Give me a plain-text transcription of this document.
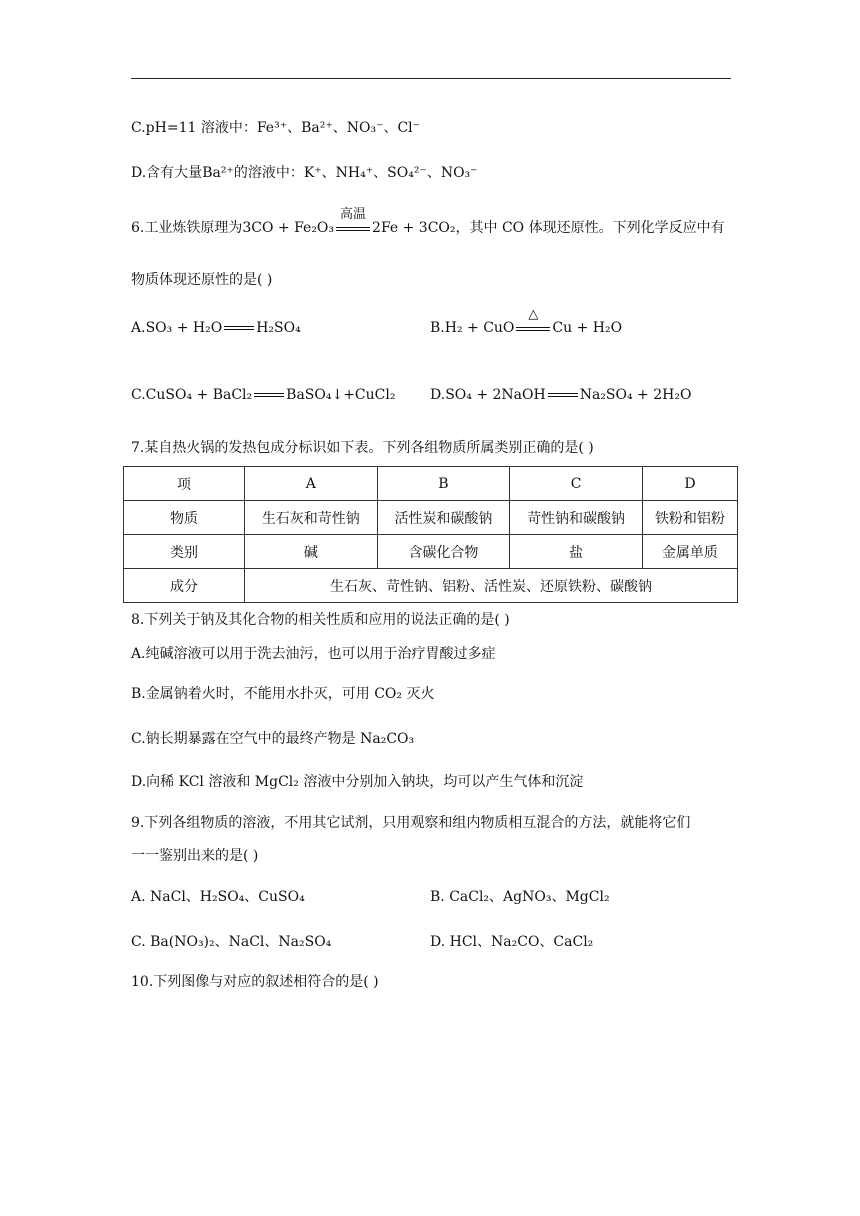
C.pH=11 溶液中：Fe³⁺、Ba²⁺、NO₃⁻、Cl⁻
D.含有大量Ba²⁺的溶液中：K⁺、NH₄⁺、SO₄²⁻、NO₃⁻
6.工业炼铁原理为3CO + Fe₂O₃
高温
2Fe + 3CO₂，其中 CO 体现还原性。下列化学反应中有
物质体现还原性的是( )
A.SO₃ + H₂O H₂SO₄	B.H₂ + CuO
△
Cu + H₂O
C.CuSO₄ + BaCl₂ BaSO₄↓+CuCl₂ D.SO₄ + 2NaOH Na₂SO₄ + 2H₂O
7.某自热火锅的发热包成分标识如下表。下列各组物质所属类别正确的是( )
项	A	B	C	D
物质	生石灰和苛性钠	活性炭和碳酸钠	苛性钠和碳酸钠	铁粉和铝粉
类别	碱	含碳化合物	盐	金属单质
成分	生石灰、苛性钠、铝粉、活性炭、还原铁粉、碳酸钠			
8.下列关于钠及其化合物的相关性质和应用的说法正确的是( )
A.纯碱溶液可以用于洗去油污，也可以用于治疗胃酸过多症
B.金属钠着火时，不能用水扑灭，可用 CO₂ 灭火
C.钠长期暴露在空气中的最终产物是 Na₂CO₃
D.向稀 KCl 溶液和 MgCl₂ 溶液中分别加入钠块，均可以产生气体和沉淀
9.下列各组物质的溶液，不用其它试剂，只用观察和组内物质相互混合的方法，就能将它们
一一鉴别出来的是( )
A. NaCl、H₂SO₄、CuSO₄	B. CaCl₂、AgNO₃、MgCl₂
C. Ba(NO₃)₂、NaCl、Na₂SO₄	D. HCl、Na₂CO、CaCl₂
10.下列图像与对应的叙述相符合的是( )
